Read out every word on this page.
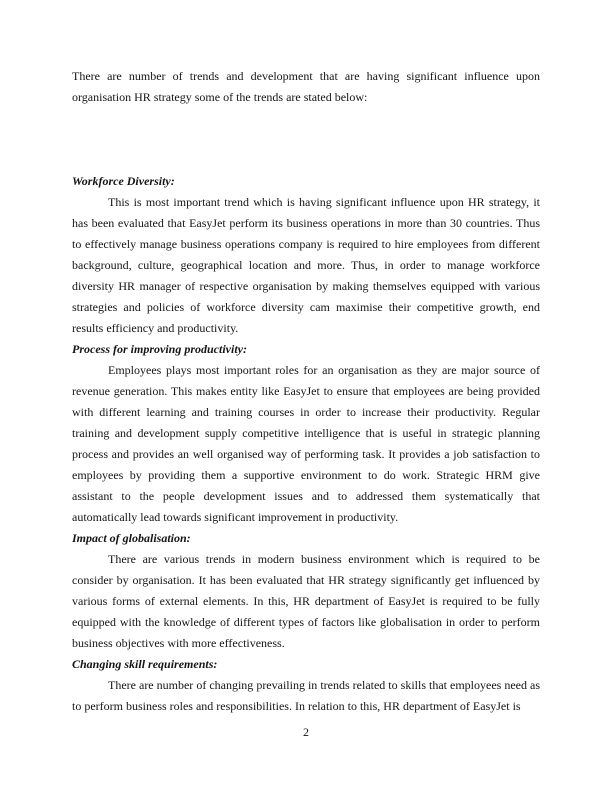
There are number of trends and development that are having significant influence upon organisation HR strategy some of the trends are stated below:

Workforce Diversity:

This is most important trend which is having significant influence upon HR strategy, it has been evaluated that EasyJet perform its business operations in more than 30 countries. Thus to effectively manage business operations company is required to hire employees from different background, culture, geographical location and more. Thus, in order to manage workforce diversity HR manager of respective organisation by making themselves equipped with various strategies and policies of workforce diversity cam maximise their competitive growth, end results efficiency and productivity.

Process for improving productivity:

Employees plays most important roles for an organisation as they are major source of revenue generation. This makes entity like EasyJet to ensure that employees are being provided with different learning and training courses in order to increase their productivity. Regular training and development supply competitive intelligence that is useful in strategic planning process and provides an well organised way of performing task. It provides a job satisfaction to employees by providing them a supportive environment to do work. Strategic HRM give assistant to the people development issues and to addressed them systematically that automatically lead towards significant improvement in productivity.

Impact of globalisation:

There are various trends in modern business environment which is required to be consider by organisation. It has been evaluated that HR strategy significantly get influenced by various forms of external elements. In this, HR department of EasyJet is required to be fully equipped with the knowledge of different types of factors like globalisation in order to perform business objectives with more effectiveness.

Changing skill requirements:

There are number of changing prevailing in trends related to skills that employees need as to perform business roles and responsibilities. In relation to this, HR department of EasyJet is

2
